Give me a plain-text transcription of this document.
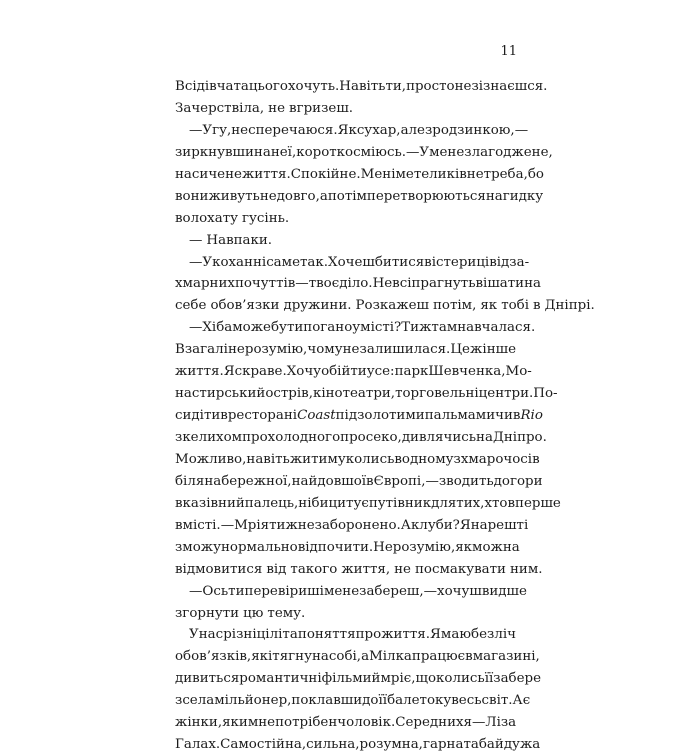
11
Всі дівчата цього хочуть. Навіть ти, просто не зізнаєшся.
Зачерствіла, не вгризеш.
— Угу, не сперечаюся. Як сухар, але з родзинкою, —
зиркнувши на неї, коротко сміюсь. — У мене злагоджене,
насичене життя. Спокійне. Мені метеликів не треба, бо
вони живуть недовго, а потім перетворюються на гидку
волохату гусінь.
— Навпаки.
— У коханні саме так. Хочеш битися в істериці від за-
хмарних почуттів — твоє діло. Не всі прагнуть вішати на
себе обов’язки дружини. Розкажеш потім, як тобі в Дніпрі.
— Хіба може бути погано у місті? Ти ж там навчалася.
Взагалі не розумію, чому не залишилася. Це ж інше
життя. Яскраве. Хочу обійти усе: парк Шевченка, Мо-
настирський острів, кінотеатри, торговельні центри. По-
сидіти в ресторані Coast під золотими пальмами чи в Rio
з келихом прохолодного просеко, дивлячись на Дніпро.
Можливо, навіть житиму колись в одному з хмарочосів
біля набережної, найдовшої в Європі, — зводить догори
вказівний палець, ніби цитує путівник для тих, хто вперше
в місті. — Мріяти ж не заборонено. А клуби? Я нарешті
зможу нормально відпочити. Не розумію, як можна
відмовитися від такого життя, не посмакувати ним.
— Ось ти перевіриш і мене забереш, — хочу швидше
згорнути цю тему.
У нас різні цілі та поняття про життя. Я маю безліч
обов’язків, які тягну на собі, а Мілка працює в магазині,
дивиться романтичні фільми й мріє, що колись її забере
з села мільйонер, поклавши до її балеток увесь світ. А є
жінки, яким не потрібен чоловік. Серед них я — Ліза
Галах. Самостійна, сильна, розумна, гарна та байдужа
